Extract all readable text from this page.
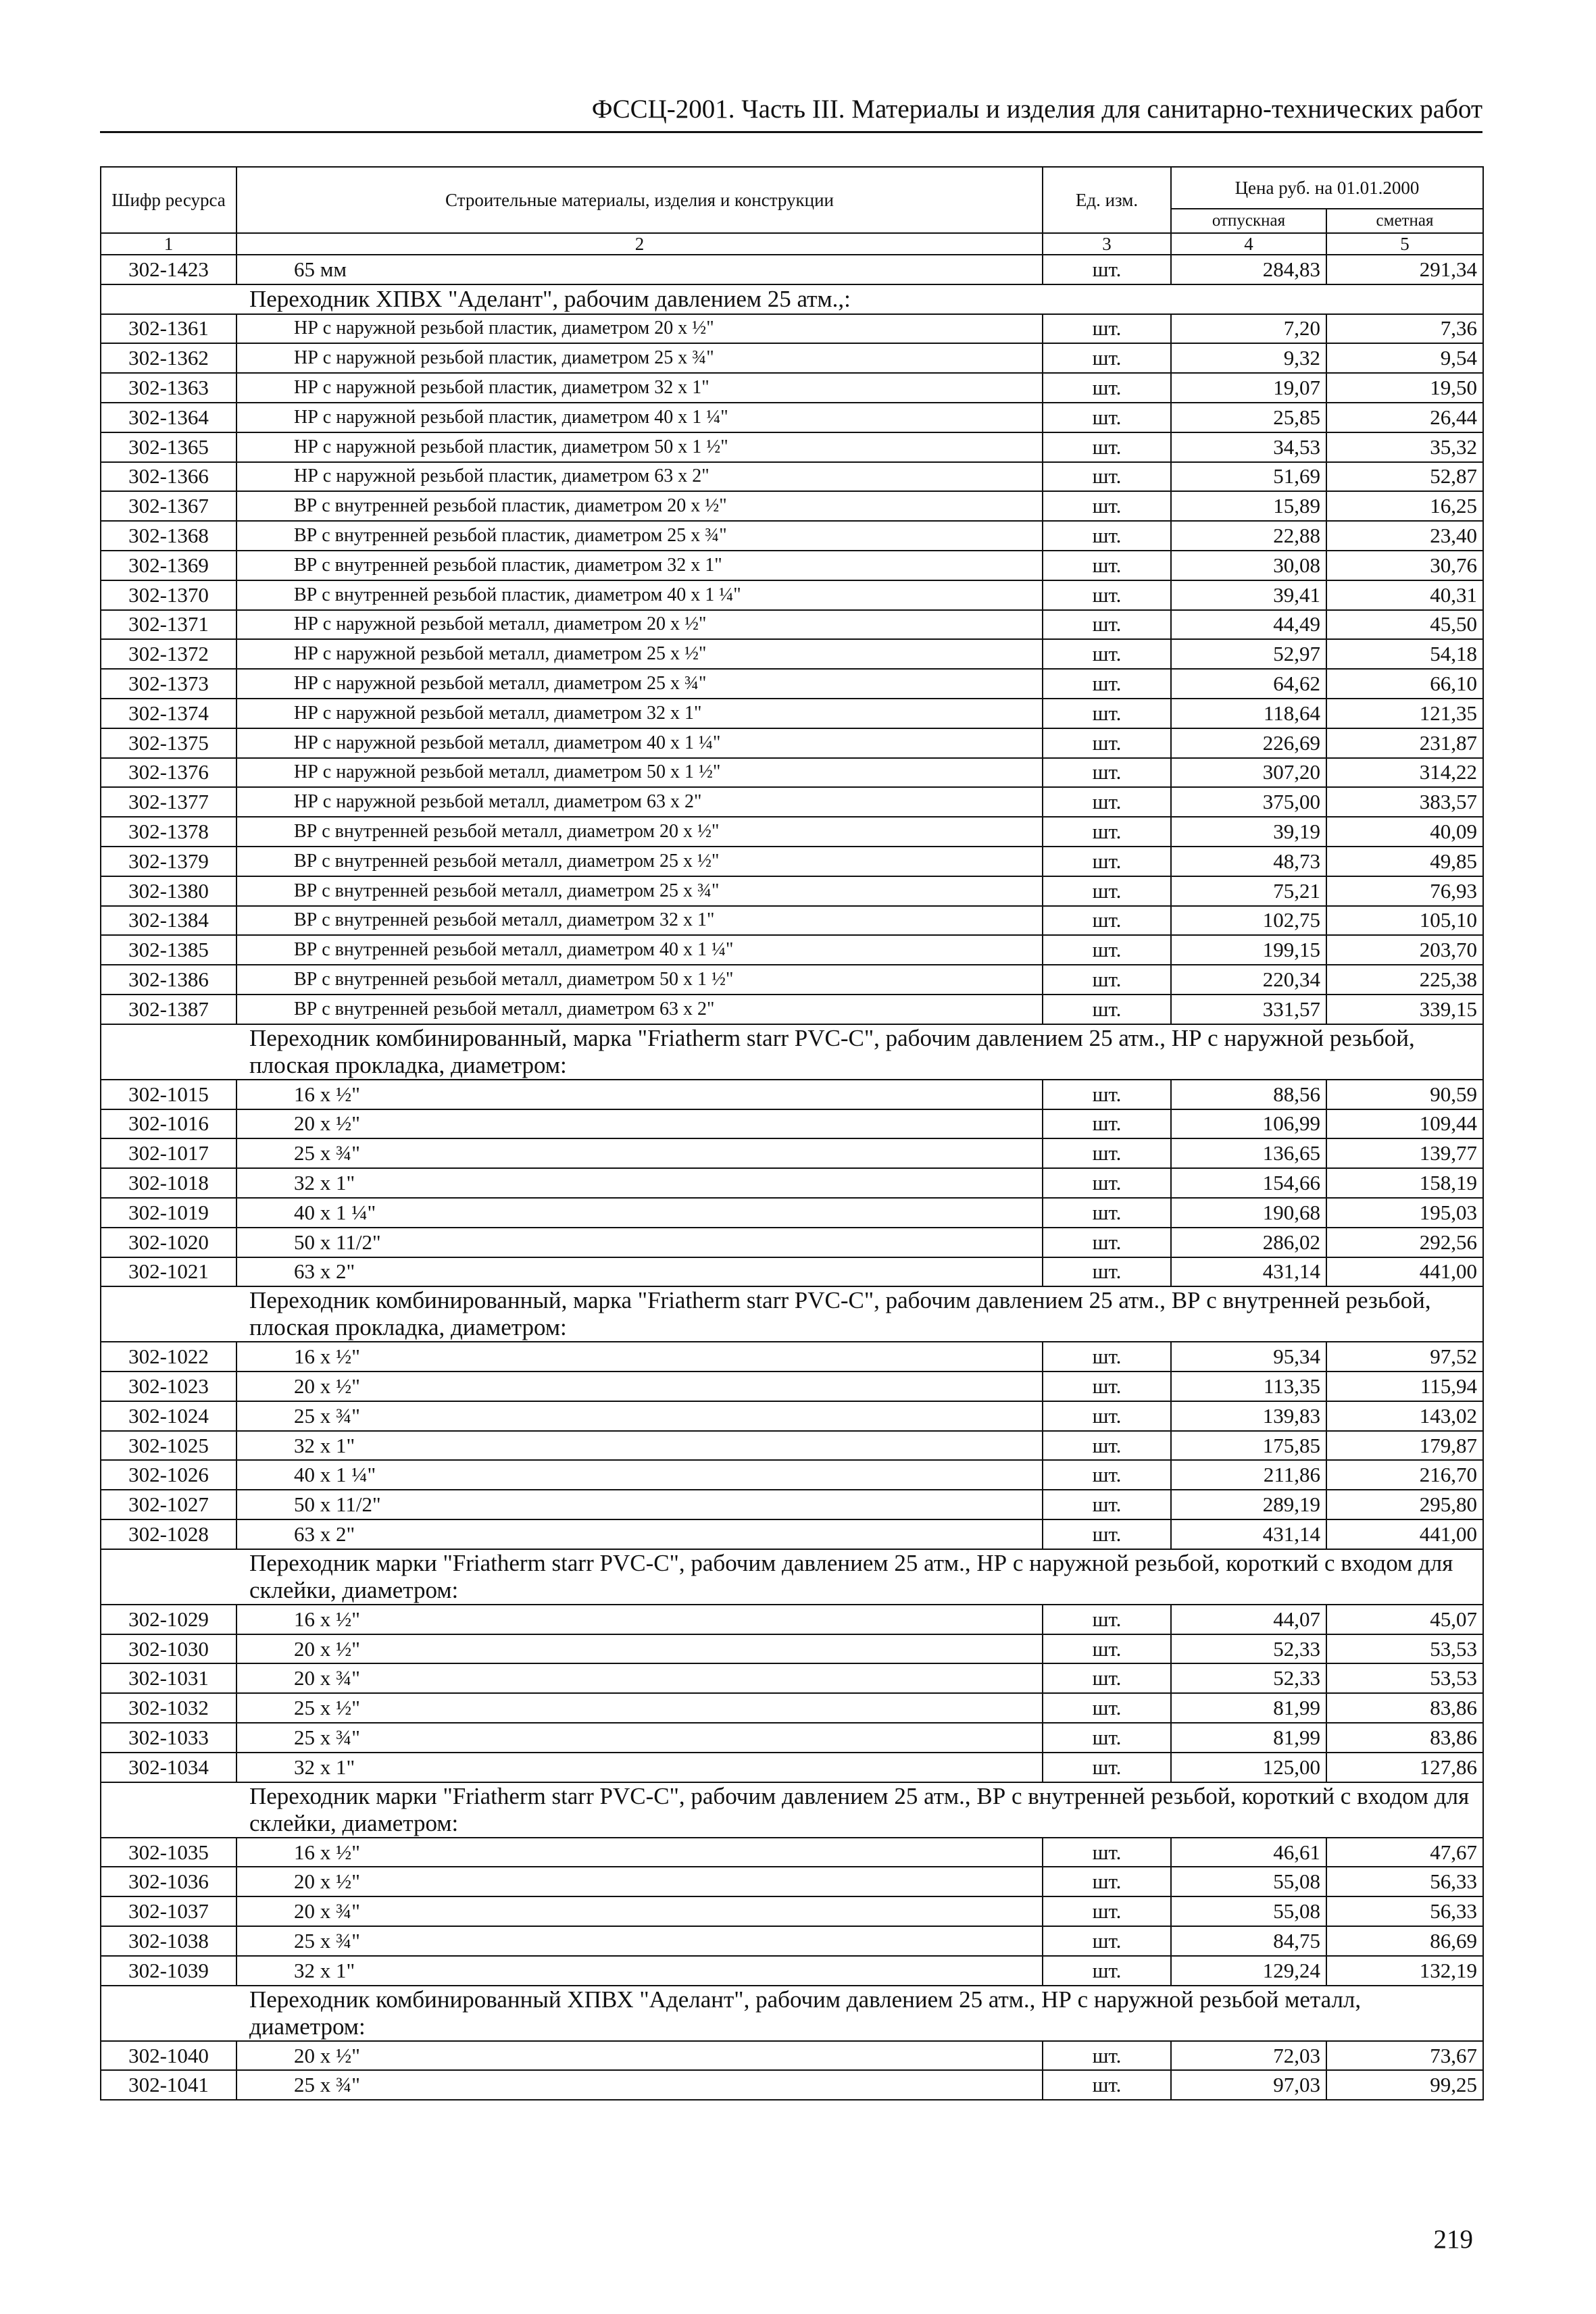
ФССЦ-2001. Часть III. Материалы и изделия для санитарно-технических работ
Шифр ресурса	Строительные материалы, изделия и конструкции	Ед. изм.	Цена руб. на 01.01.2000	
			отпускная	сметная
1	2	3	4	5
302-1423	65 мм	шт.	284,83	291,34
Переходник ХПВХ "Аделант", рабочим давлением 25 атм.,:				
302-1361	НР с наружной резьбой пластик, диаметром 20 х ½"	шт.	7,20	7,36
302-1362	НР с наружной резьбой пластик, диаметром 25 х ¾"	шт.	9,32	9,54
302-1363	НР с наружной резьбой пластик, диаметром 32 х 1"	шт.	19,07	19,50
302-1364	НР с наружной резьбой пластик, диаметром 40 х 1 ¼"	шт.	25,85	26,44
302-1365	НР с наружной резьбой пластик, диаметром 50 х 1 ½"	шт.	34,53	35,32
302-1366	НР с наружной резьбой пластик, диаметром 63 х 2"	шт.	51,69	52,87
302-1367	ВР с внутренней резьбой пластик, диаметром 20 х ½"	шт.	15,89	16,25
302-1368	ВР с внутренней резьбой пластик, диаметром 25 х ¾"	шт.	22,88	23,40
302-1369	ВР с внутренней резьбой пластик, диаметром 32 х 1"	шт.	30,08	30,76
302-1370	ВР с внутренней резьбой пластик, диаметром 40 х 1 ¼"	шт.	39,41	40,31
302-1371	НР с наружной резьбой металл, диаметром 20 х ½"	шт.	44,49	45,50
302-1372	НР с наружной резьбой металл, диаметром 25 х ½"	шт.	52,97	54,18
302-1373	НР с наружной резьбой металл, диаметром 25 х ¾"	шт.	64,62	66,10
302-1374	НР с наружной резьбой металл, диаметром 32 х 1"	шт.	118,64	121,35
302-1375	НР с наружной резьбой металл, диаметром 40 х 1 ¼"	шт.	226,69	231,87
302-1376	НР с наружной резьбой металл, диаметром 50 х 1 ½"	шт.	307,20	314,22
302-1377	НР с наружной резьбой металл, диаметром 63 х 2"	шт.	375,00	383,57
302-1378	ВР с внутренней резьбой металл, диаметром 20 х ½"	шт.	39,19	40,09
302-1379	ВР с внутренней резьбой металл, диаметром 25 х ½"	шт.	48,73	49,85
302-1380	ВР с внутренней резьбой металл, диаметром 25 х ¾"	шт.	75,21	76,93
302-1384	ВР с внутренней резьбой металл, диаметром 32 х 1"	шт.	102,75	105,10
302-1385	ВР с внутренней резьбой металл, диаметром 40 х 1 ¼"	шт.	199,15	203,70
302-1386	ВР с внутренней резьбой металл, диаметром 50 х 1 ½"	шт.	220,34	225,38
302-1387	ВР с внутренней резьбой металл, диаметром 63 х 2"	шт.	331,57	339,15
Переходник комбинированный, марка "Friatherm starr PVC-C", рабочим давлением 25 атм., НР с наружной резьбой, плоская прокладка, диаметром:				
302-1015	16 х ½"	шт.	88,56	90,59
302-1016	20 х ½"	шт.	106,99	109,44
302-1017	25 х ¾"	шт.	136,65	139,77
302-1018	32 х 1"	шт.	154,66	158,19
302-1019	40 х 1 ¼"	шт.	190,68	195,03
302-1020	50 х 11/2"	шт.	286,02	292,56
302-1021	63 х 2"	шт.	431,14	441,00
Переходник комбинированный, марка "Friatherm starr PVC-C", рабочим давлением 25 атм., ВР с внутренней резьбой, плоская прокладка, диаметром:				
302-1022	16 х ½"	шт.	95,34	97,52
302-1023	20 х ½"	шт.	113,35	115,94
302-1024	25 х ¾"	шт.	139,83	143,02
302-1025	32 х 1"	шт.	175,85	179,87
302-1026	40 х 1 ¼"	шт.	211,86	216,70
302-1027	50 х 11/2"	шт.	289,19	295,80
302-1028	63 х 2"	шт.	431,14	441,00
Переходник марки "Friatherm starr PVC-C", рабочим давлением 25 атм., НР с наружной резьбой, короткий с входом для склейки, диаметром:				
302-1029	16 х ½"	шт.	44,07	45,07
302-1030	20 х ½"	шт.	52,33	53,53
302-1031	20 х ¾"	шт.	52,33	53,53
302-1032	25 х ½"	шт.	81,99	83,86
302-1033	25 х ¾"	шт.	81,99	83,86
302-1034	32 х 1"	шт.	125,00	127,86
Переходник марки "Friatherm starr PVC-C", рабочим давлением 25 атм., ВР с внутренней резьбой, короткий с входом для склейки, диаметром:				
302-1035	16 х ½"	шт.	46,61	47,67
302-1036	20 х ½"	шт.	55,08	56,33
302-1037	20 х ¾"	шт.	55,08	56,33
302-1038	25 х ¾"	шт.	84,75	86,69
302-1039	32 х 1"	шт.	129,24	132,19
Переходник комбинированный ХПВХ "Аделант", рабочим давлением 25 атм., НР с наружной резьбой металл, диаметром:				
302-1040	20 х ½"	шт.	72,03	73,67
302-1041	25 х ¾"	шт.	97,03	99,25
219
